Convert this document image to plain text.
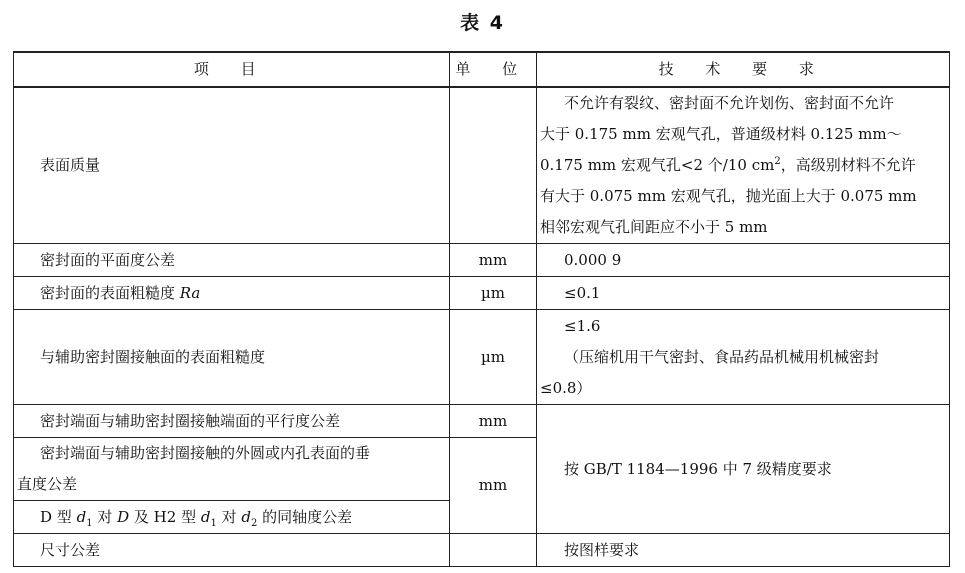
表 4
项 目	单 位	技 术 要 求
表面质量		不允许有裂纹、密封面不允许划伤、密封面不允许
大于 0.175 mm 宏观气孔，普通级材料 0.125 mm～
0.175 mm 宏观气孔<2 个/10 $cm^2$，高级别材料不允许
有大于 0.075 mm 宏观气孔，抛光面上大于 0.075 mm
相邻宏观气孔间距应不小于 5 mm

密封面的平面度公差	mm	0.000 9
密封面的表面粗糙度 Ra	µm	≤0.1
与辅助密封圈接触面的表面粗糙度	µm	≤1.6
（压缩机用干气密封、食品药品机械用机械密封
≤0.8）

密封端面与辅助密封圈接触端面的平行度公差	mm	按 GB/T 1184—1996 中 7 级精度要求

密封端面与辅助密封圈接触的外圆或内孔表面的垂
直度公差	mm	
D 型 $d_1$ 对 D 及 H2 型 $d_1$ 对 $d_2$ 的同轴度公差		
尺寸公差		按图样要求
